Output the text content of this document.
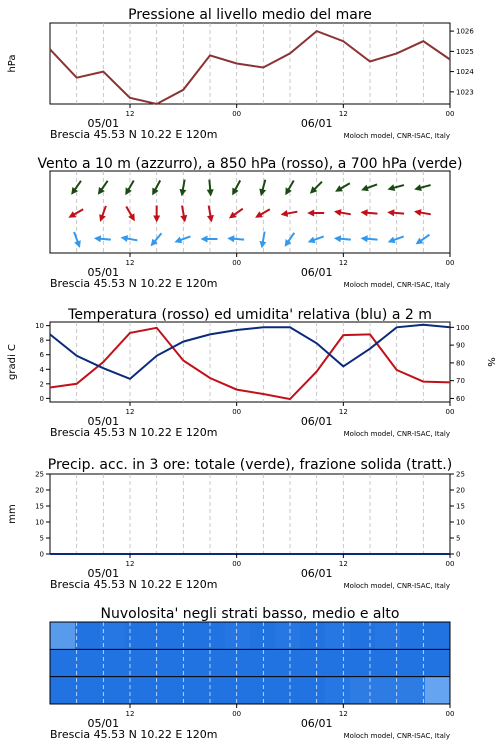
Pressione al livello medio del mare
1023
1024
1025
1026
hPa
12	00	12	00
05/01	06/01
Brescia 45.53 N 10.22 E 120m	Moloch model, CNR-ISAC, Italy
Vento a 10 m (azzurro), a 850 hPa (rosso), a 700 hPa (verde)
12	00	12	00
05/01	06/01
Brescia 45.53 N 10.22 E 120m	Moloch model, CNR-ISAC, Italy
Temperatura (rosso) ed umidita' relativa (blu) a 2 m
0
2
4
6
8
10
60
70
80
90
100
gradi C	%
12	00	12	00
05/01	06/01
Brescia 45.53 N 10.22 E 120m	Moloch model, CNR-ISAC, Italy
Precip. acc. in 3 ore: totale (verde), frazione solida (tratt.)
0	0
5	5
10	10
15	15
20	20
25	25
mm
12	00	12	00
05/01	06/01
Brescia 45.53 N 10.22 E 120m	Moloch model, CNR-ISAC, Italy
Nuvolosita' negli strati basso, medio e alto
12	00	12	00
05/01	06/01
Brescia 45.53 N 10.22 E 120m	Moloch model, CNR-ISAC, Italy
